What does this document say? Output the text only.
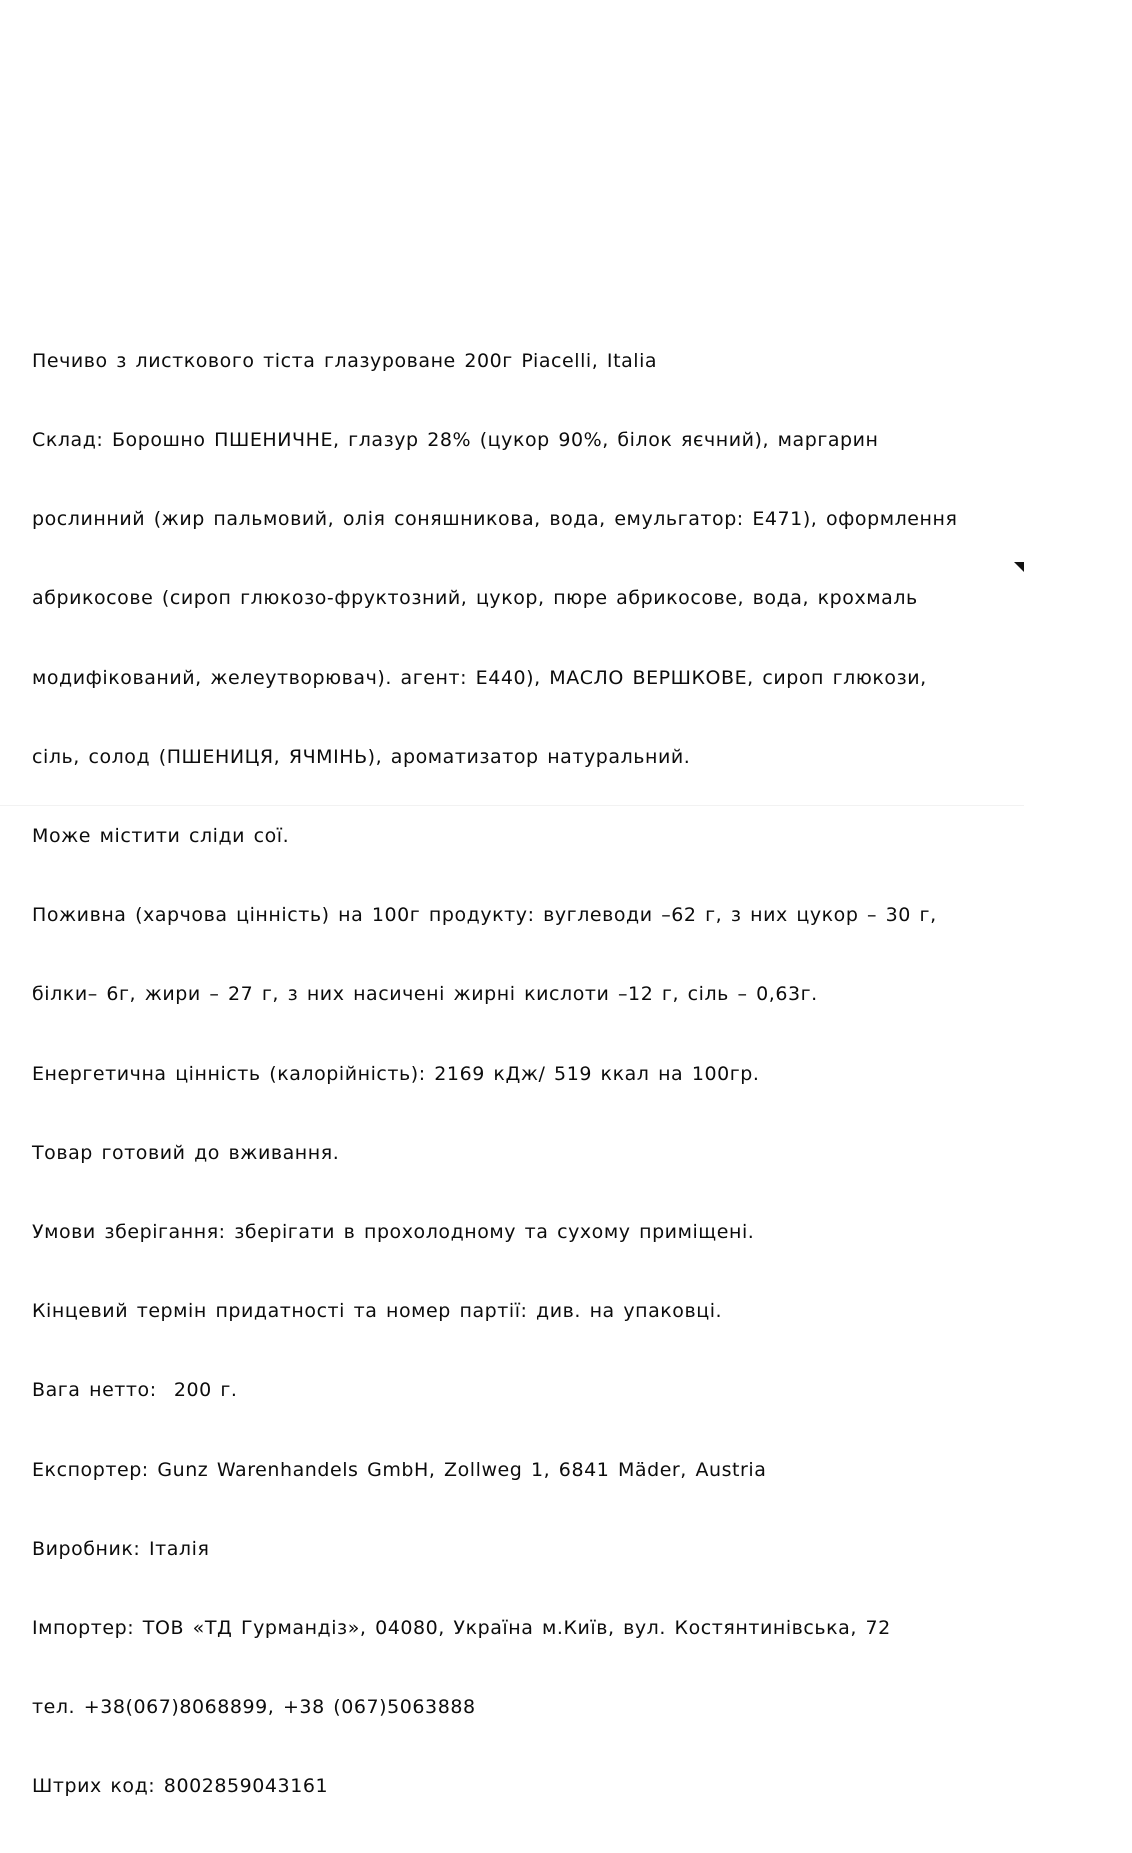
Печиво з листкового тіста глазуроване 200г Piacelli, Italia

Склад: Борошно ПШЕНИЧНЕ, глазур 28% (цукор 90%, білок яєчний), маргарин

рослинний (жир пальмовий, олія соняшникова, вода, емульгатор: Е471), оформлення

абрикосове (сироп глюкозо-фруктозний, цукор, пюре абрикосове, вода, крохмаль

модифікований, желеутворювач). агент: Е440), МАСЛО ВЕРШКОВЕ, сироп глюкози,

сіль, солод (ПШЕНИЦЯ, ЯЧМІНЬ), ароматизатор натуральний.

Може містити сліди сої.

Поживна (харчова цінність) на 100г продукту: вуглеводи –62 г, з них цукор – 30 г,

білки– 6г, жири – 27 г, з них насичені жирні кислоти –12 г, сіль – 0,63г.

Енергетична цінність (калорійність): 2169 кДж/ 519 ккал на 100гр.

Товар готовий до вживання.

Умови зберігання: зберігати в прохолодному та сухому приміщені.

Кінцевий термін придатності та номер партії: див. на упаковці.

Вага нетто:  200 г.

Експортер: Gunz Warenhandels GmbH, Zollweg 1, 6841 Mäder, Austria

Виробник: Італія

Імпортер: ТОВ «ТД Гурмандіз», 04080, Україна м.Київ, вул. Костянтинівська, 72

тел. +38(067)8068899, +38 (067)5063888

Штрих код: 8002859043161
